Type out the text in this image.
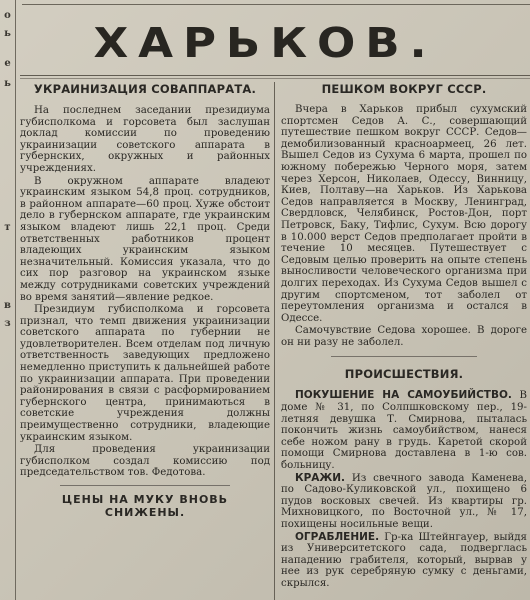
о
ь
е
ь
т
в
з
ХАРЬКОВ.
УКРАИНИЗАЦИЯ СОВАППАРАТА.

На последнем заседании президиума губисполкома и горсовета был заслушан доклад комиссии по проведению украинизации советского аппарата в губернских, окружных и районных учреждениях.

В окружном аппарате владеют украинским языком 54,8 проц. сотрудников, в районном аппарате—60 проц. Хуже обстоит дело в губернском аппарате, где украинским языком владеют лишь 22,1 проц. Среди ответственных работников процент владеющих украинским языком незначительный. Комиссия указала, что до сих пор разговор на украинском языке между сотрудниками советских учреждений во время занятий—явление редкое.

Президиум губисполкома и горсовета признал, что темп движения украинизации советского аппарата по губернии не удовлетворителен. Всем отделам под личную ответственность заведующих предложено немедленно приступить к дальнейшей работе по украинизации аппарата. При проведении районирования в связи с расформированием губернского центра, принимаються в советские учреждения должны преимущественно сотрудники, владеющие украинским языком.

Для проведения украинизации губисполком создал комиссию под председательством тов. Федотова.

ЦЕНЫ НА МУКУ ВНОВЬ СНИЖЕНЫ.
ПЕШКОМ ВОКРУГ СССР.

Вчера в Харьков прибыл сухумский спортсмен Седов А. С., совершающий путешествие пешком вокруг СССР. Седов—демобилизованный красноармеец, 26 лет. Вышел Седов из Сухума 6 марта, прошел по южному побережью Черного моря, затем через Херсон, Николаев, Одессу, Винницу, Киев, Полтаву—на Харьков. Из Харькова Седов направляется в Москву, Ленинград, Свердловск, Челябинск, Ростов-Дон, порт Петровск, Баку, Тифлис, Сухум. Всю дорогу в 10.000 верст Седов предполагает пройти в течение 10 месяцев. Путешествует с Седовым целью проверить на опыте степень выносливости человеческого организма при долгих переходах. Из Сухума Седов вышел с другим спортсменом, тот заболел от переутомления организма и остался в Одессе.

Самочувствие Седова хорошее. В дороге он ни разу не заболел.

ПРОИСШЕСТВИЯ.

ПОКУШЕНИЕ НА САМОУБИЙСТВО. В доме № 31, по Солпшковскому пер., 19-летняя девушка Т. Смирнова, пыталась покончить жизнь самоубийством, нанеся себе ножом рану в грудь. Каретой скорой помощи Смирнова доставлена в 1-ю сов. больницу.

КРАЖИ. Из свечного завода Каменева, по Садово-Куликовской ул., похищено 6 пудов восковых свечей. Из квартиры гр. Михновицкого, по Восточной ул., № 17, похищены носильные вещи.

ОГРАБЛЕНИЕ. Гр-ка Штейнгауер, выйдя из Университетского сада, подверглась нападению грабителя, который, вырвав у нее из рук серебряную сумку с деньгами, скрылся.
